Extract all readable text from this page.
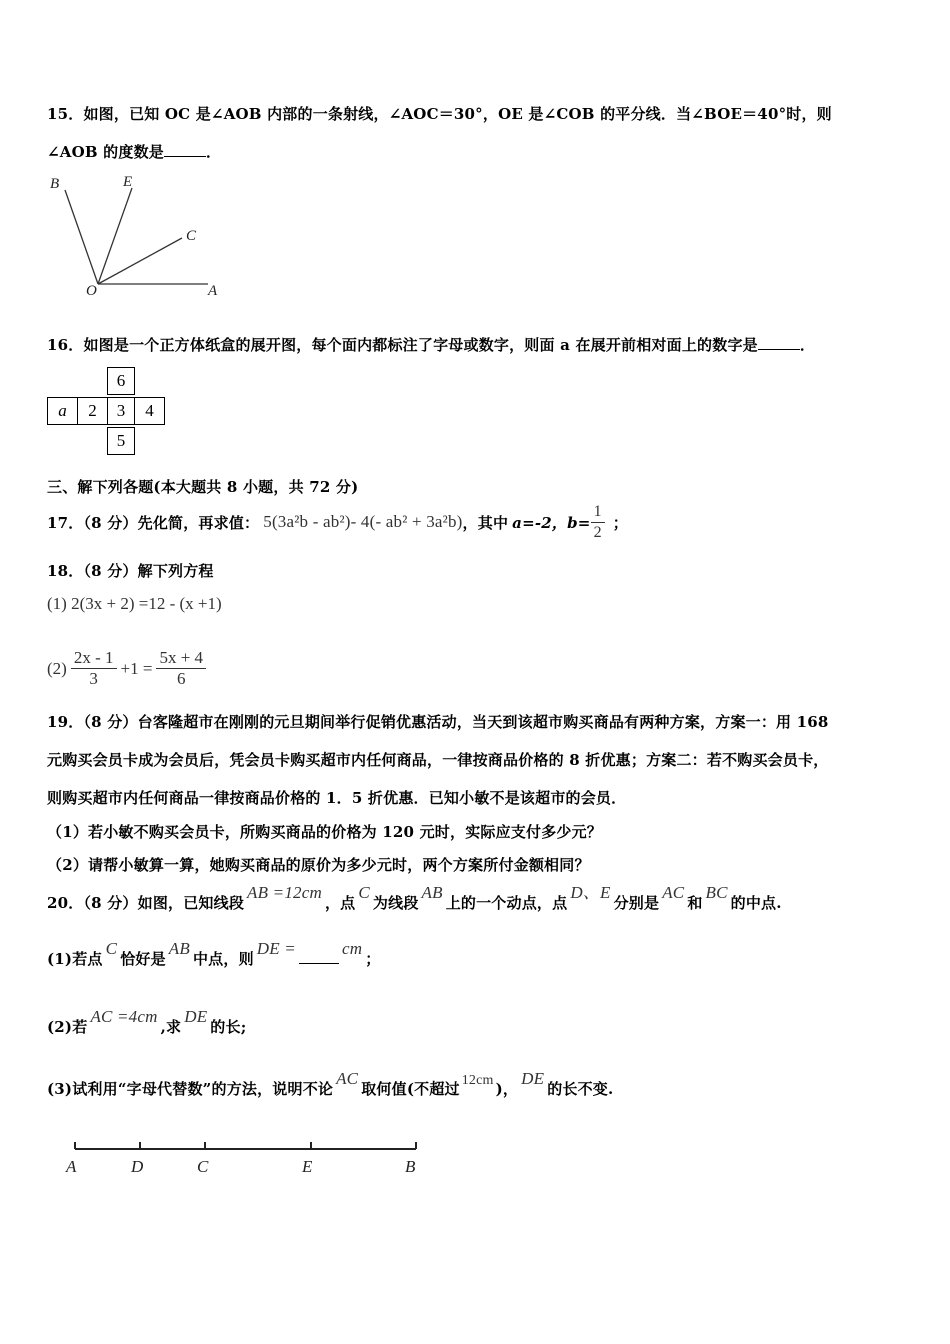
15．如图，已知 OC 是∠AOB 内部的一条射线，∠AOC＝30°，OE 是∠COB 的平分线．当∠BOE＝40°时，则
∠AOB 的度数是	．
B	E
C
O	A
16．如图是一个正方体纸盒的展开图，每个面内都标注了字母或数字，则面 a 在展开前相对面上的数字是	．
6
a	2	3	4
5
三、解下列各题(本大题共 8 小题，共 72 分)
17．（8 分）先化简，再求值： 5(3a²b - ab²)- 4(- ab² + 3a²b) ，其中 a=-2，$b= \frac{1}{2}$ ；
18．（8 分）解下列方程
(1) 2(3x + 2) =12 - (x +1)
$(2) \frac{2x - 1}{3} +1 = \frac{5x + 4}{6}$
19．（8 分）台客隆超市在刚刚的元旦期间举行促销优惠活动，当天到该超市购买商品有两种方案，方案一：用 168
元购买会员卡成为会员后，凭会员卡购买超市内任何商品，一律按商品价格的 8 折优惠；方案二：若不购买会员卡，
则购买超市内任何商品一律按商品价格的 1．5 折优惠．已知小敏不是该超市的会员．
（1）若小敏不购买会员卡，所购买商品的价格为 120 元时，实际应支付多少元？
（2）请帮小敏算一算，她购买商品的原价为多少元时，两个方案所付金额相同？
20．（8 分）如图，已知线段
AB =12cm
，点
C
为线段
AB
上的一个动点，点
D、E
分别是
AC
和
BC
的中点.
(1)若点
C
恰好是
AB
中点，则
DE =	cm
；
(2)若
AC =4cm
,求
DE
的长;
(3)试利用“字母代替数”的方法，说明不论
AC
取何值(不超过 12cm )，
DE
的长不变.
A	D	C	E	B
